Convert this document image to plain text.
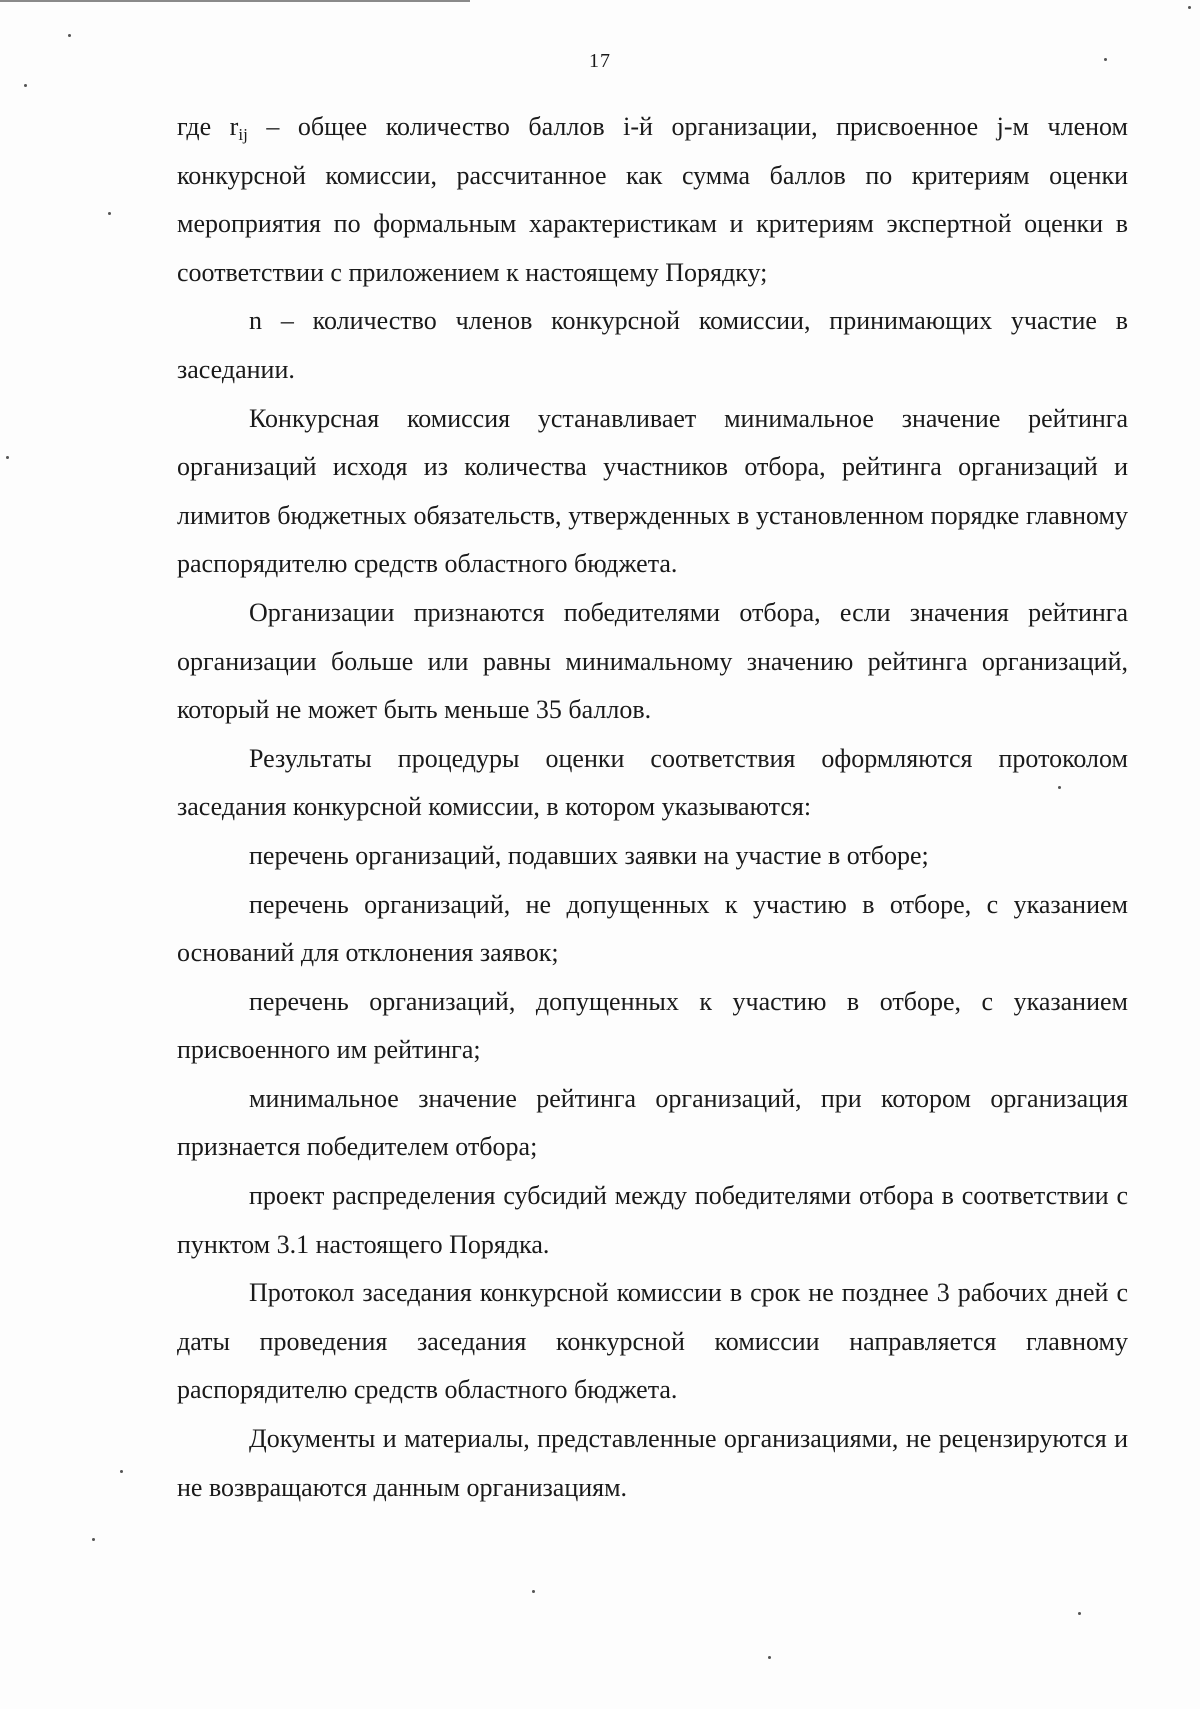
17

где $r_{ij}$ – общее количество баллов i-й организации, присвоенное j-м членом конкурсной комиссии, рассчитанное как сумма баллов по критериям оценки мероприятия по формальным характеристикам и критериям экспертной оценки в соответствии с приложением к настоящему Порядку;

n – количество членов конкурсной комиссии, принимающих участие в заседании.

Конкурсная комиссия устанавливает минимальное значение рейтинга организаций исходя из количества участников отбора, рейтинга организаций и лимитов бюджетных обязательств, утвержденных в установленном порядке главному распорядителю средств областного бюджета.

Организации признаются победителями отбора, если значения рейтинга организации больше или равны минимальному значению рейтинга организаций, который не может быть меньше 35 баллов.

Результаты процедуры оценки соответствия оформляются протоколом заседания конкурсной комиссии, в котором указываются:

перечень организаций, подавших заявки на участие в отборе;

перечень организаций, не допущенных к участию в отборе, с указанием оснований для отклонения заявок;

перечень организаций, допущенных к участию в отборе, с указанием присвоенного им рейтинга;

минимальное значение рейтинга организаций, при котором организация признается победителем отбора;

проект распределения субсидий между победителями отбора в соответствии с пунктом 3.1 настоящего Порядка.

Протокол заседания конкурсной комиссии в срок не позднее 3 рабочих дней с даты проведения заседания конкурсной комиссии направляется главному распорядителю средств областного бюджета.

Документы и материалы, представленные организациями, не рецензируются и не возвращаются данным организациям.
